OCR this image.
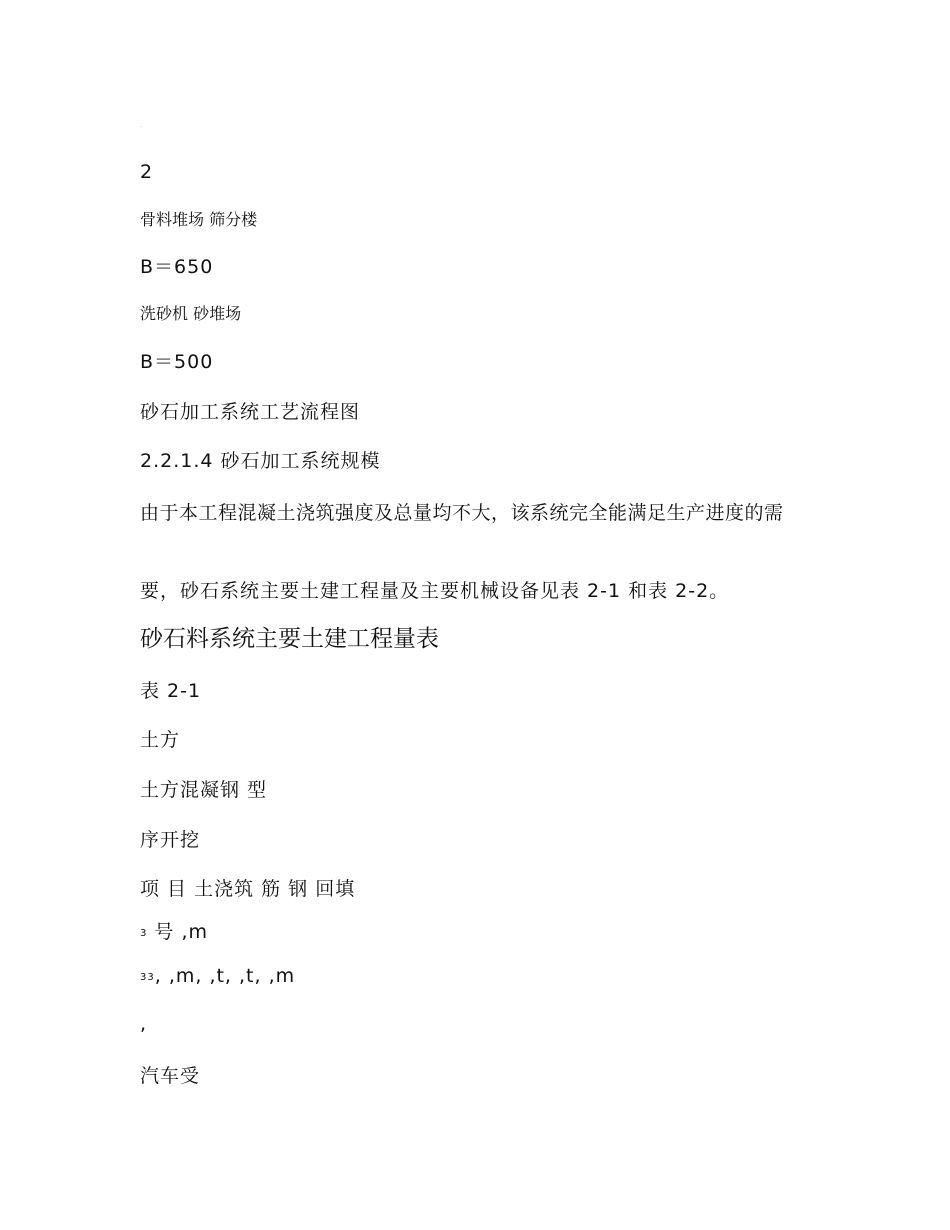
·
2
骨料堆场 筛分楼
B＝650
洗砂机 砂堆场
B＝500
砂石加工系统工艺流程图
2.2.1.4 砂石加工系统规模
由于本工程混凝土浇筑强度及总量均不大，该系统完全能满足生产进度的需
要，砂石系统主要土建工程量及主要机械设备见表 2-1 和表 2-2。
砂石料系统主要土建工程量表
表 2-1
土方
土方混凝钢 型
序开挖
项 目 土浇筑 筋 钢 回填
$^3$ 号 ,m
$^{33}$, ,m, ,t, ,t, ,m
,
汽车受
